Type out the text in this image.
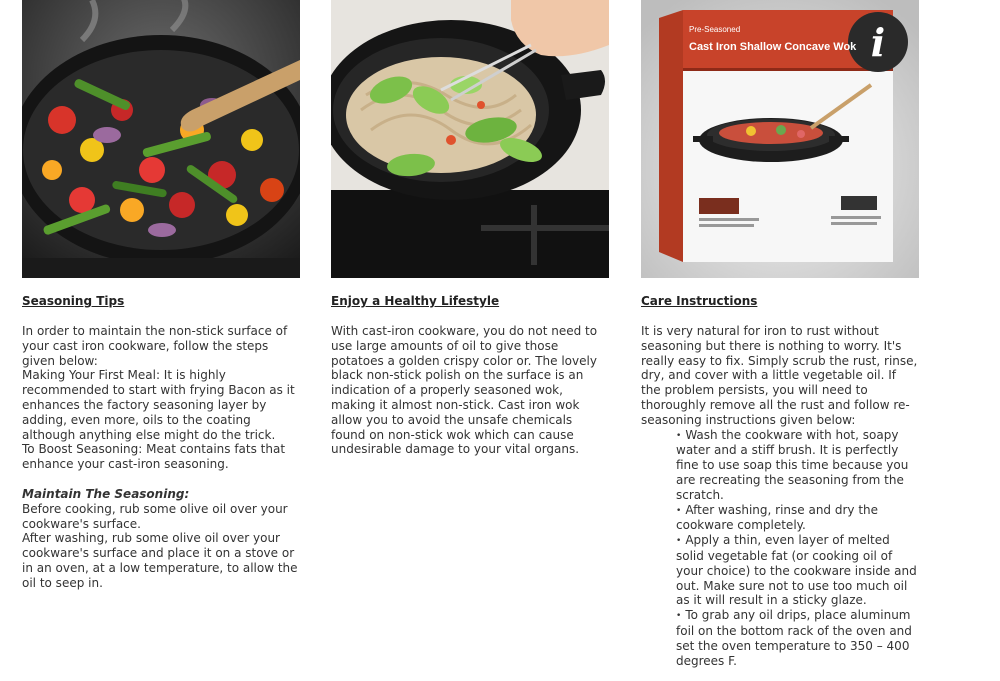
Seasoning Tips

In order to maintain the non-stick surface of your cast iron cookware, follow the steps given below:

Making Your First Meal: It is highly recommended to start with frying Bacon as it enhances the factory seasoning layer by adding, even more, oils to the coating although anything else might do the trick.

To Boost Seasoning: Meat contains fats that enhance your cast-iron seasoning.

Maintain The Seasoning:

Before cooking, rub some olive oil over your cookware's surface.

After washing, rub some olive oil over your cookware's surface and place it on a stove or in an oven, at a low temperature, to allow the oil to seep in.

Enjoy a Healthy Lifestyle

With cast-iron cookware, you do not need to use large amounts of oil to give those potatoes a golden crispy color or. The lovely black non-stick polish on the surface is an indication of a properly seasoned wok, making it almost non-stick. Cast iron wok allow you to avoid the unsafe chemicals found on non-stick wok which can cause undesirable damage to your vital organs.

i
Pre-Seasoned
Cast Iron Shallow Concave Wok
Care Instructions

It is very natural for iron to rust without seasoning but there is nothing to worry. It's really easy to fix. Simply scrub the rust, rinse, dry, and cover with a little vegetable oil. If the problem persists, you will need to thoroughly remove all the rust and follow re-seasoning instructions given below:

• Wash the cookware with hot, soapy water and a stiff brush. It is perfectly fine to use soap this time because you are recreating the seasoning from the scratch.
• After washing, rinse and dry the cookware completely.
• Apply a thin, even layer of melted solid vegetable fat (or cooking oil of your choice) to the cookware inside and out. Make sure not to use too much oil as it will result in a sticky glaze.
• To grab any oil drips, place aluminum foil on the bottom rack of the oven and set the oven temperature to 350 – 400 degrees F.
